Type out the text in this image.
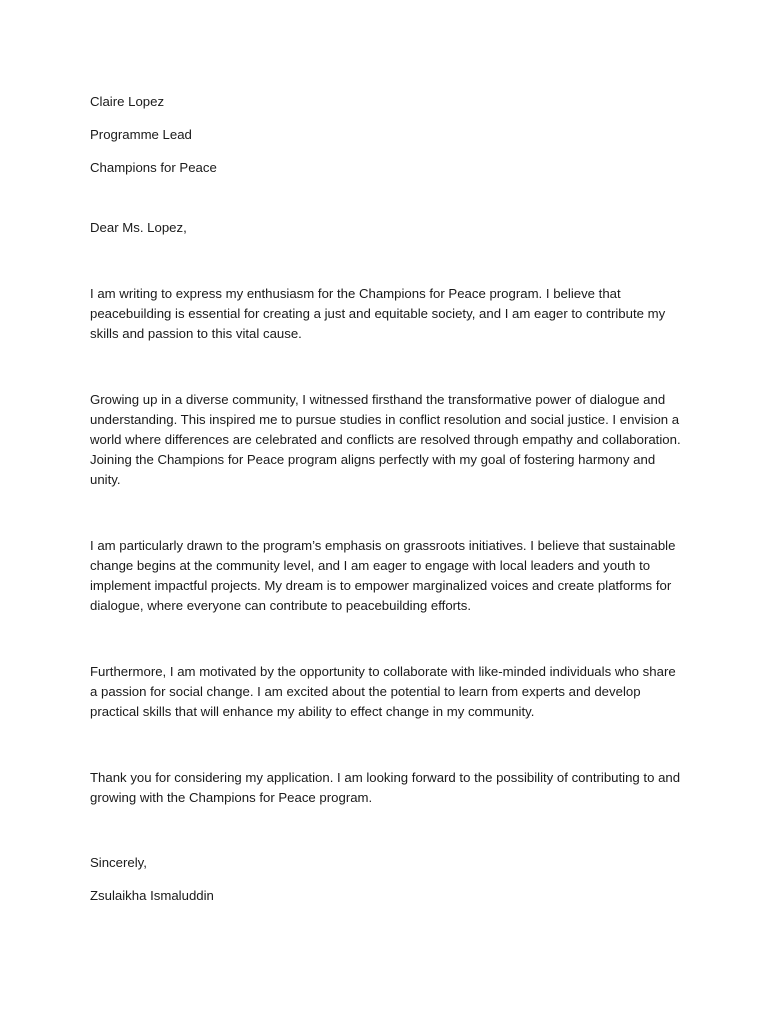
Claire Lopez

Programme Lead

Champions for Peace

Dear Ms. Lopez,

I am writing to express my enthusiasm for the Champions for Peace program. I believe that peacebuilding is essential for creating a just and equitable society, and I am eager to contribute my skills and passion to this vital cause.

Growing up in a diverse community, I witnessed firsthand the transformative power of dialogue and understanding. This inspired me to pursue studies in conflict resolution and social justice. I envision a world where differences are celebrated and conflicts are resolved through empathy and collaboration. Joining the Champions for Peace program aligns perfectly with my goal of fostering harmony and unity.

I am particularly drawn to the program’s emphasis on grassroots initiatives. I believe that sustainable change begins at the community level, and I am eager to engage with local leaders and youth to implement impactful projects. My dream is to empower marginalized voices and create platforms for dialogue, where everyone can contribute to peacebuilding efforts.

Furthermore, I am motivated by the opportunity to collaborate with like-minded individuals who share a passion for social change. I am excited about the potential to learn from experts and develop practical skills that will enhance my ability to effect change in my community.

Thank you for considering my application. I am looking forward to the possibility of contributing to and growing with the Champions for Peace program.

Sincerely,

Zsulaikha Ismaluddin
